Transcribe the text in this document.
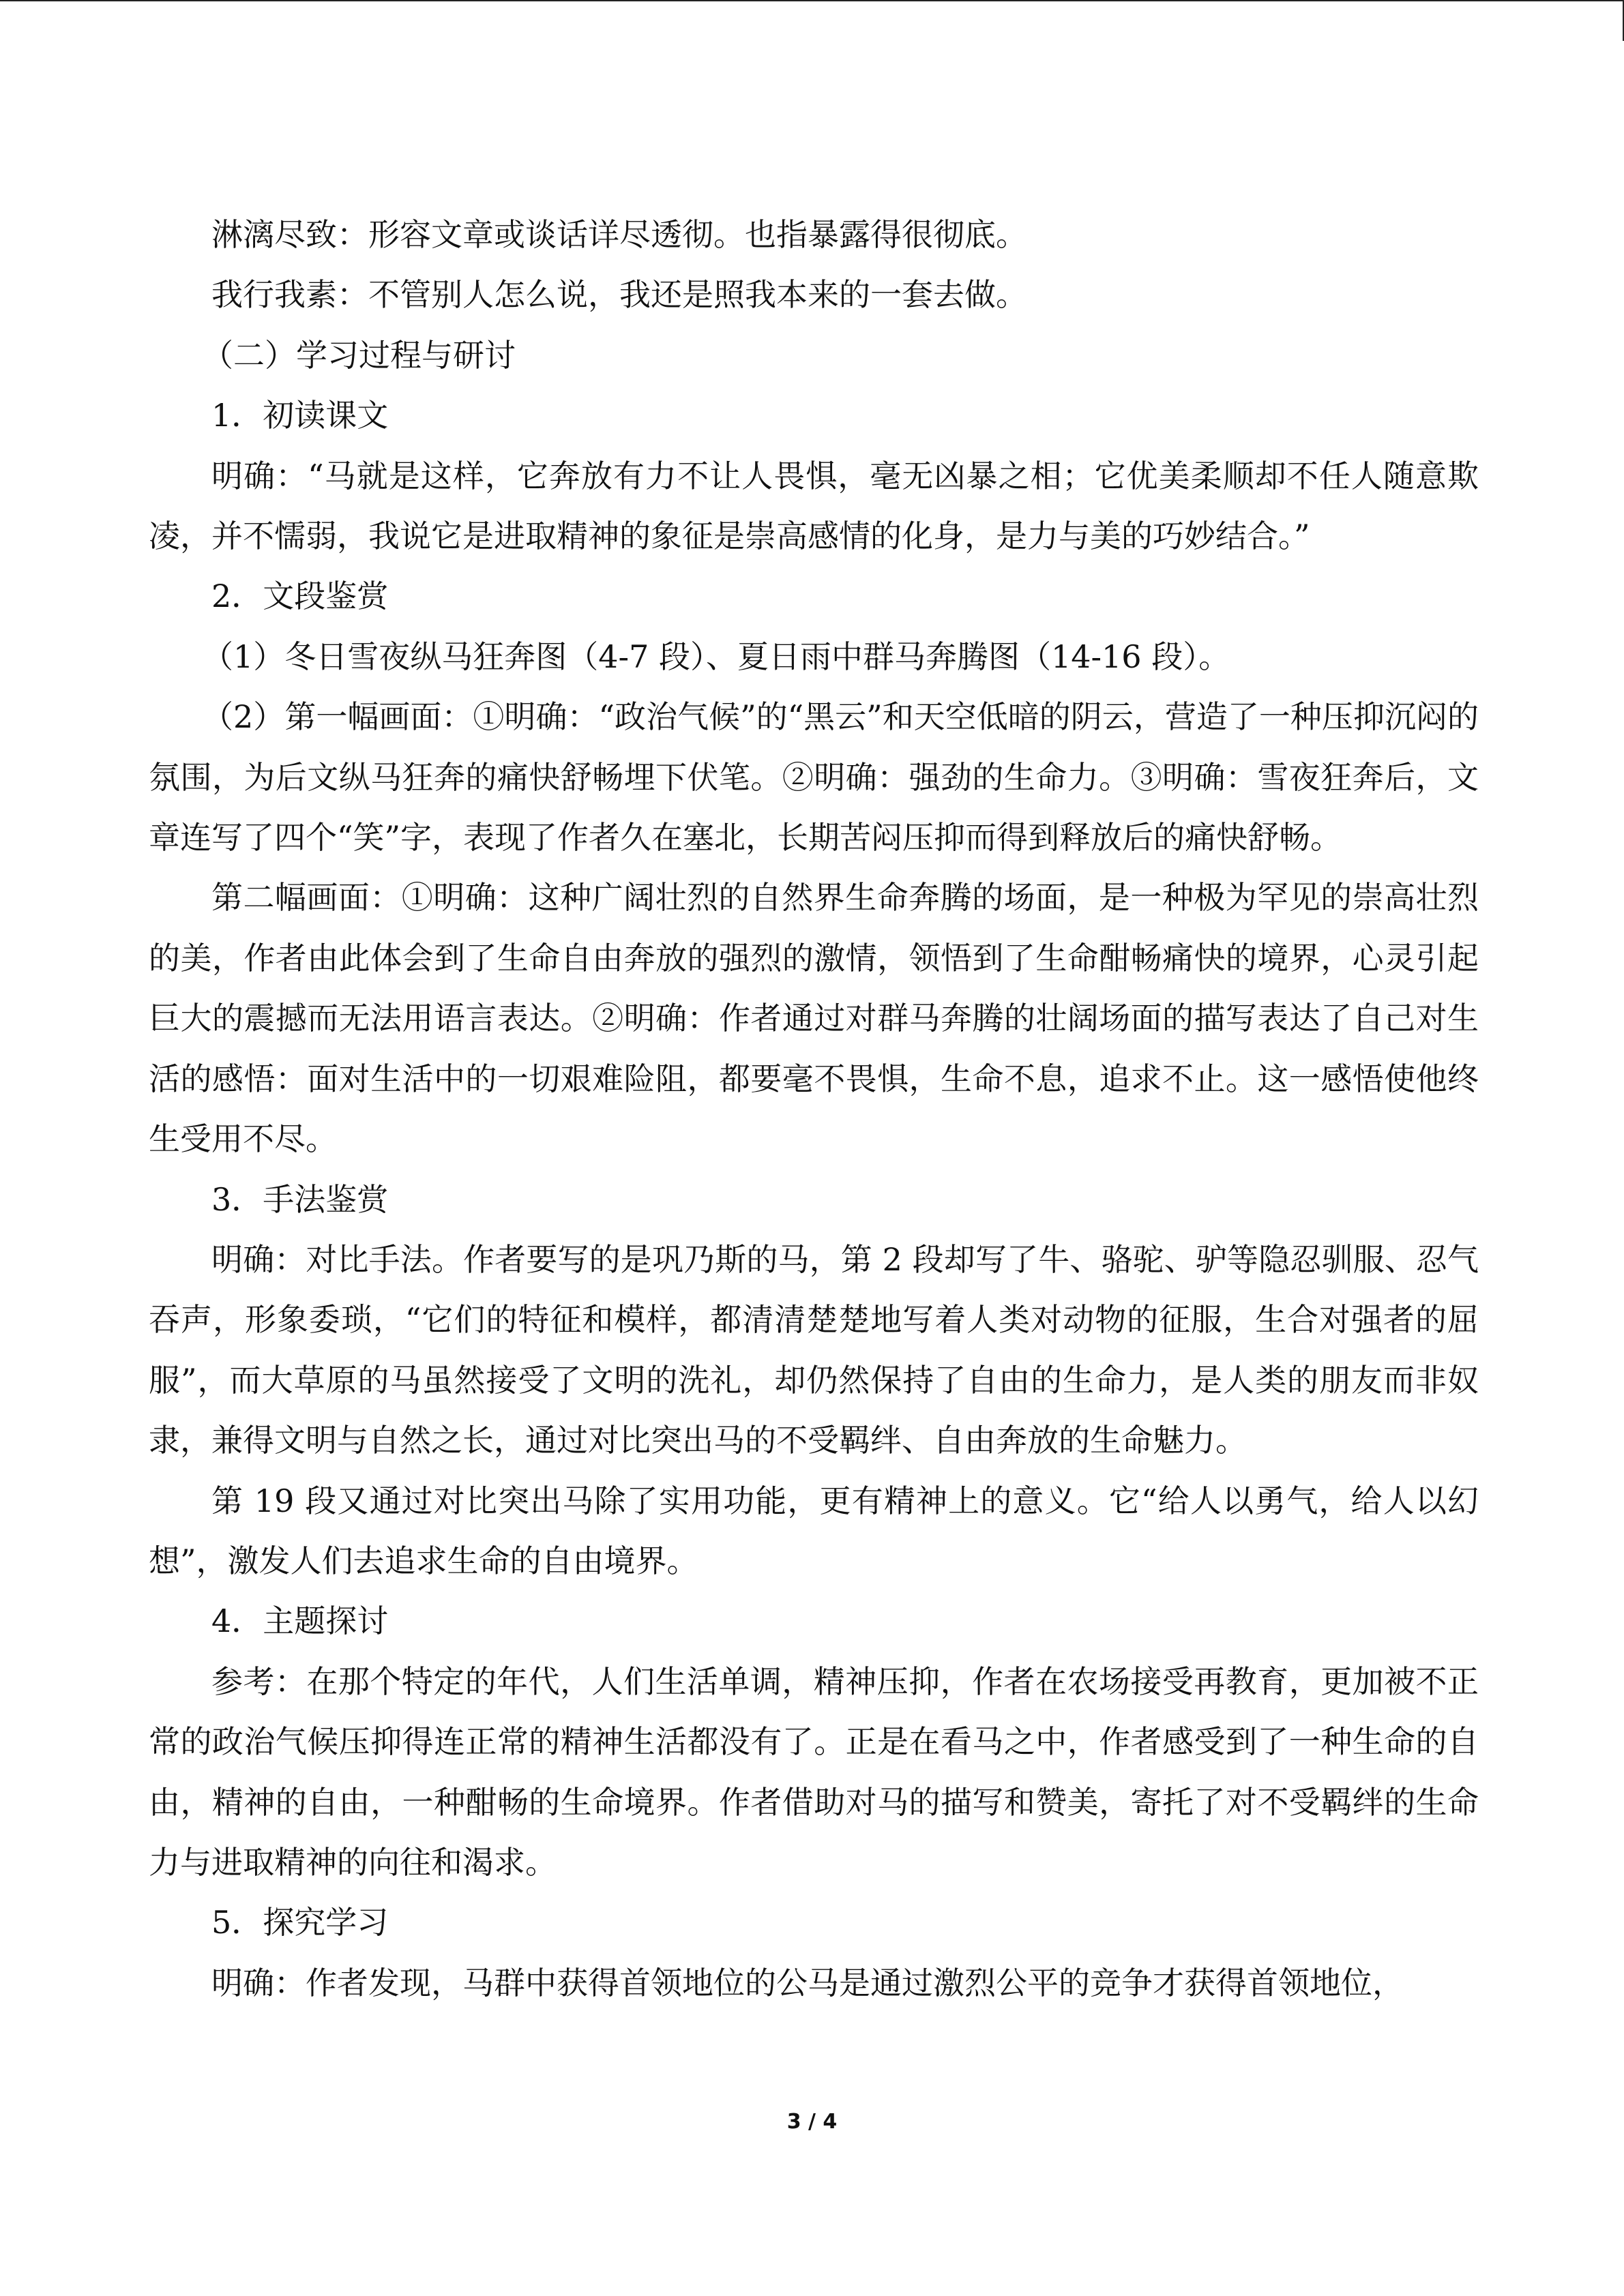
淋漓尽致：形容文章或谈话详尽透彻。也指暴露得很彻底。

我行我素：不管别人怎么说，我还是照我本来的一套去做。

（二）学习过程与研讨

1．初读课文

明确：“马就是这样，它奔放有力不让人畏惧，毫无凶暴之相；它优美柔顺却不任人随意欺凌，并不懦弱，我说它是进取精神的象征是崇高感情的化身，是力与美的巧妙结合。”

2．文段鉴赏

（1）冬日雪夜纵马狂奔图（4-7 段）、夏日雨中群马奔腾图（14-16 段）。

（2）第一幅画面：①明确：“政治气候”的“黑云”和天空低暗的阴云，营造了一种压抑沉闷的氛围，为后文纵马狂奔的痛快舒畅埋下伏笔。②明确：强劲的生命力。③明确：雪夜狂奔后，文章连写了四个“笑”字，表现了作者久在塞北，长期苦闷压抑而得到释放后的痛快舒畅。

第二幅画面：①明确：这种广阔壮烈的自然界生命奔腾的场面，是一种极为罕见的崇高壮烈的美，作者由此体会到了生命自由奔放的强烈的激情，领悟到了生命酣畅痛快的境界，心灵引起巨大的震撼而无法用语言表达。②明确：作者通过对群马奔腾的壮阔场面的描写表达了自己对生活的感悟：面对生活中的一切艰难险阻，都要毫不畏惧，生命不息，追求不止。这一感悟使他终生受用不尽。

3．手法鉴赏

明确：对比手法。作者要写的是巩乃斯的马，第 2 段却写了牛、骆驼、驴等隐忍驯服、忍气吞声，形象委琐，“它们的特征和模样，都清清楚楚地写着人类对动物的征服，生合对强者的屈服”，而大草原的马虽然接受了文明的洗礼，却仍然保持了自由的生命力，是人类的朋友而非奴隶，兼得文明与自然之长，通过对比突出马的不受羁绊、自由奔放的生命魅力。

第 19 段又通过对比突出马除了实用功能，更有精神上的意义。它“给人以勇气，给人以幻想”，激发人们去追求生命的自由境界。

4．主题探讨

参考：在那个特定的年代，人们生活单调，精神压抑，作者在农场接受再教育，更加被不正常的政治气候压抑得连正常的精神生活都没有了。正是在看马之中，作者感受到了一种生命的自由，精神的自由，一种酣畅的生命境界。作者借助对马的描写和赞美，寄托了对不受羁绊的生命力与进取精神的向往和渴求。

5．探究学习

明确：作者发现，马群中获得首领地位的公马是通过激烈公平的竞争才获得首领地位，

3 / 4
